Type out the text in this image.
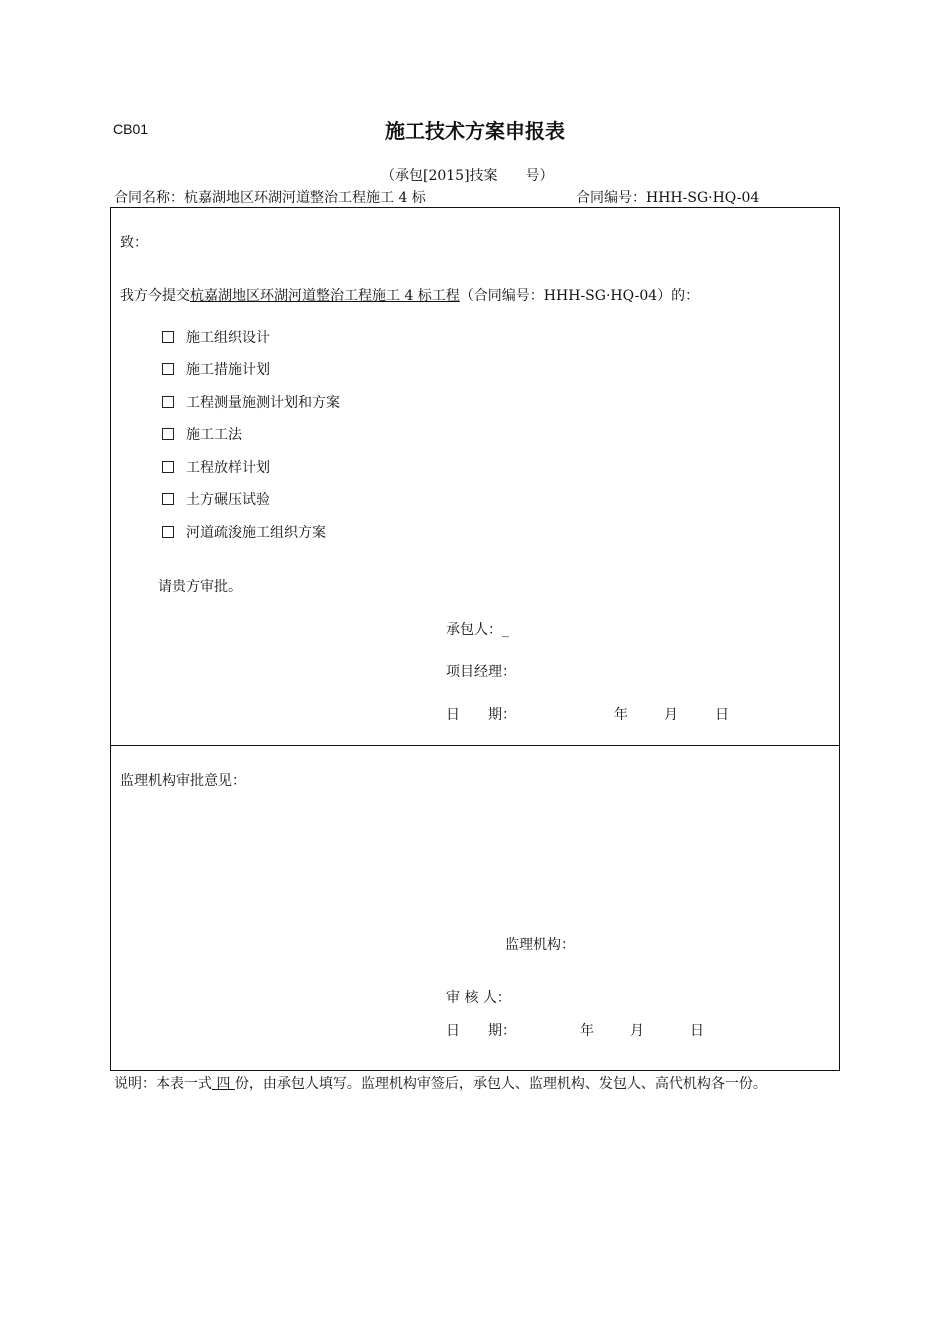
CB01	施工技术方案申报表
（承包[2015]技案　　号）
合同名称：杭嘉湖地区环湖河道整治工程施工 4 标	合同编号：HHH-SG·HQ-04
致：
我方今提交杭嘉湖地区环湖河道整治工程施工 4 标工程（合同编号：HHH-SG·HQ-04）的：
施工组织设计
施工措施计划
工程测量施测计划和方案
施工工法
工程放样计划
土方碾压试验
河道疏浚施工组织方案
请贵方审批。
承包人：_
项目经理：
日　　期：	年	月	日
监理机构审批意见：
监理机构：
审 核 人：
日　　期：	年	月	日
说明：本表一式 四 份，由承包人填写。监理机构审签后，承包人、监理机构、发包人、高代机构各一份。
